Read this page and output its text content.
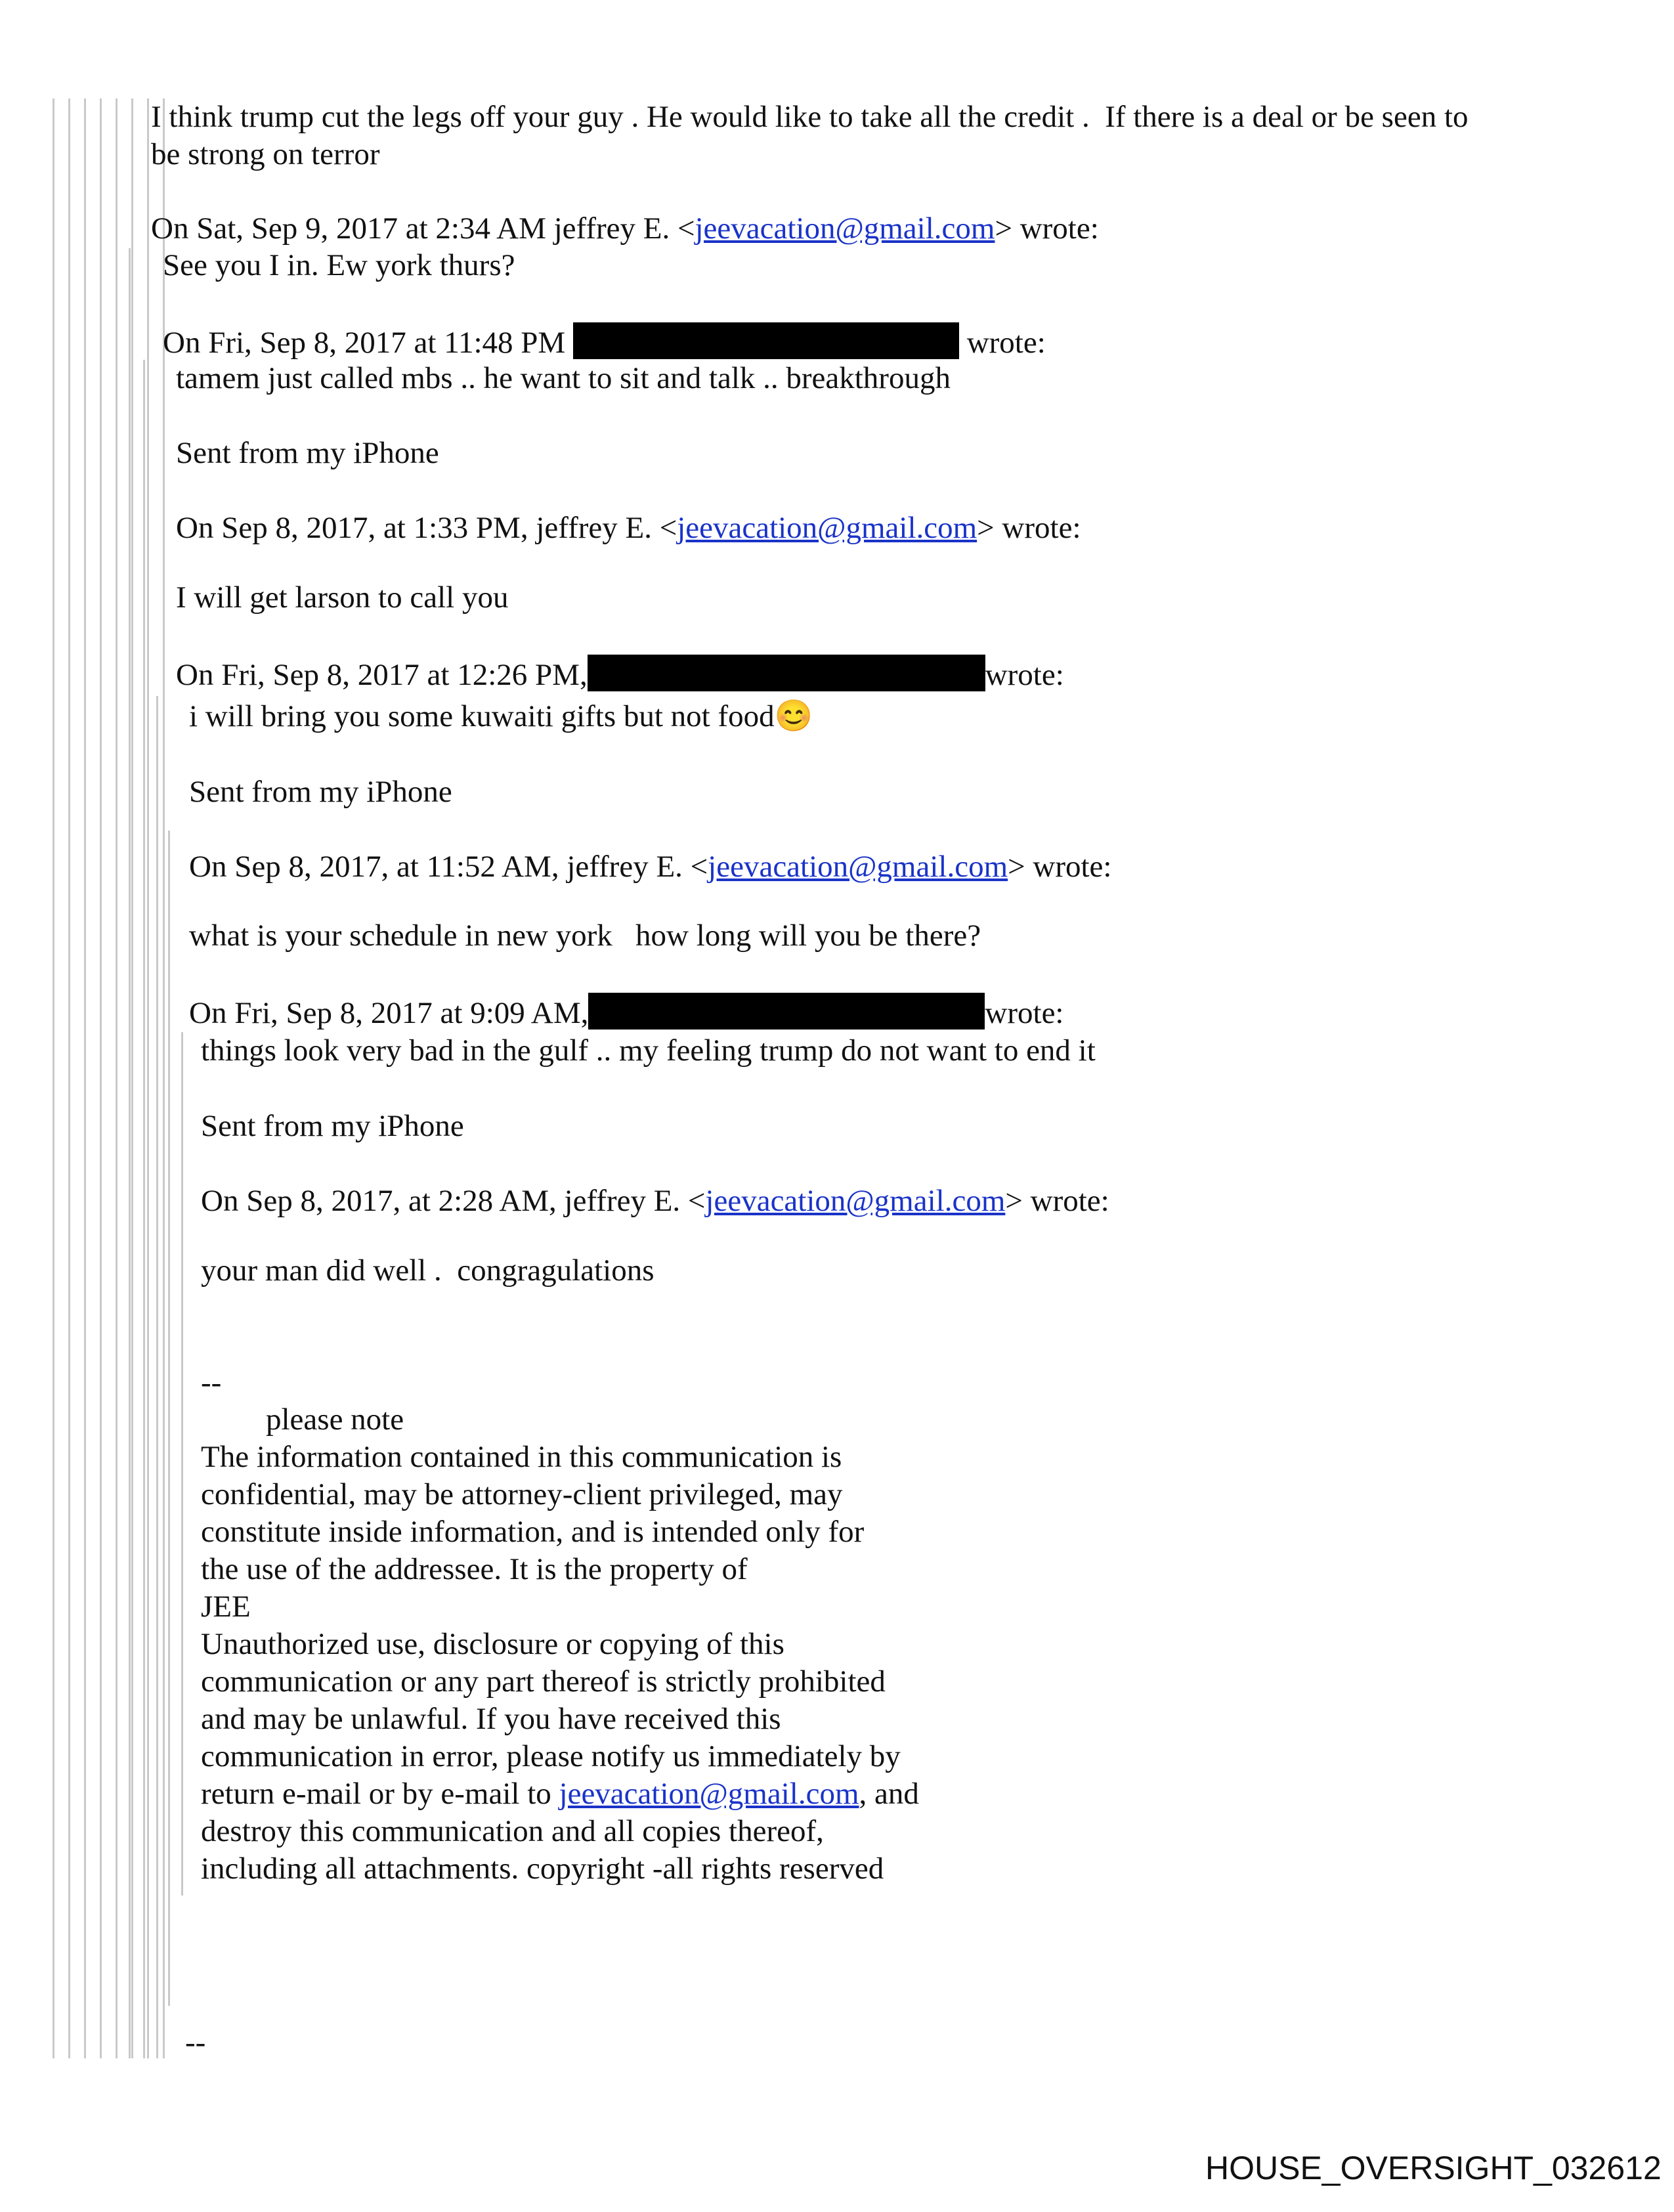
I think trump cut the legs off your guy . He would like to take all the credit .  If there is a deal or be seen to

be strong on terror

On Sat, Sep 9, 2017 at 2:34 AM jeffrey E. <jeevacation@gmail.com> wrote:

See you I in. Ew york thurs?

On Fri, Sep 8, 2017 at 11:48 PM	wrote:

tamem just called mbs .. he want to sit and talk .. breakthrough

Sent from my iPhone

On Sep 8, 2017, at 1:33 PM, jeffrey E. <jeevacation@gmail.com> wrote:

I will get larson to call you

On Fri, Sep 8, 2017 at 12:26 PM,	wrote:

i will bring you some kuwaiti gifts but not food😊

Sent from my iPhone

On Sep 8, 2017, at 11:52 AM, jeffrey E. <jeevacation@gmail.com> wrote:

what is your schedule in new york   how long will you be there?

On Fri, Sep 8, 2017 at 9:09 AM,	wrote:

things look very bad in the gulf .. my feeling trump do not want to end it

Sent from my iPhone

On Sep 8, 2017, at 2:28 AM, jeffrey E. <jeevacation@gmail.com> wrote:

your man did well .  congragulations

--

please note

The information contained in this communication is

confidential, may be attorney-client privileged, may

constitute inside information, and is intended only for

the use of the addressee. It is the property of

JEE

Unauthorized use, disclosure or copying of this

communication or any part thereof is strictly prohibited

and may be unlawful. If you have received this

communication in error, please notify us immediately by

return e-mail or by e-mail to jeevacation@gmail.com, and

destroy this communication and all copies thereof,

including all attachments. copyright -all rights reserved

--

HOUSE_OVERSIGHT_032612
